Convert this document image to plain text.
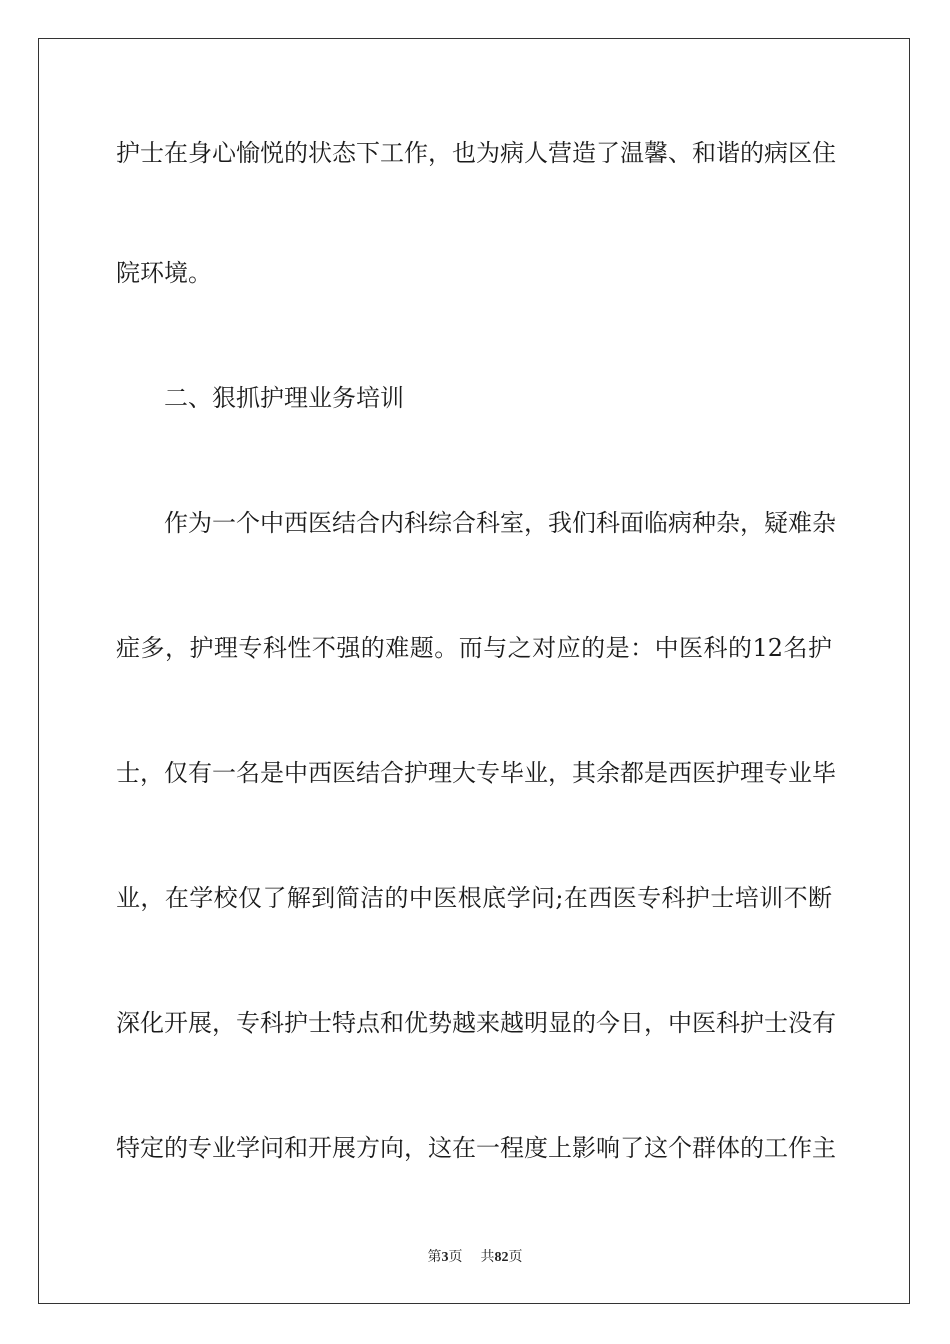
护士在身心愉悦的状态下工作，也为病人营造了温馨、和谐的病区住
院环境。
二、狠抓护理业务培训
作为一个中西医结合内科综合科室，我们科面临病种杂，疑难杂
症多，护理专科性不强的难题。而与之对应的是：中医科的12名护
士，仅有一名是中西医结合护理大专毕业，其余都是西医护理专业毕
业，在学校仅了解到简洁的中医根底学问;在西医专科护士培训不断
深化开展，专科护士特点和优势越来越明显的今日，中医科护士没有
特定的专业学问和开展方向，这在一程度上影响了这个群体的工作主
第3页 共82页
